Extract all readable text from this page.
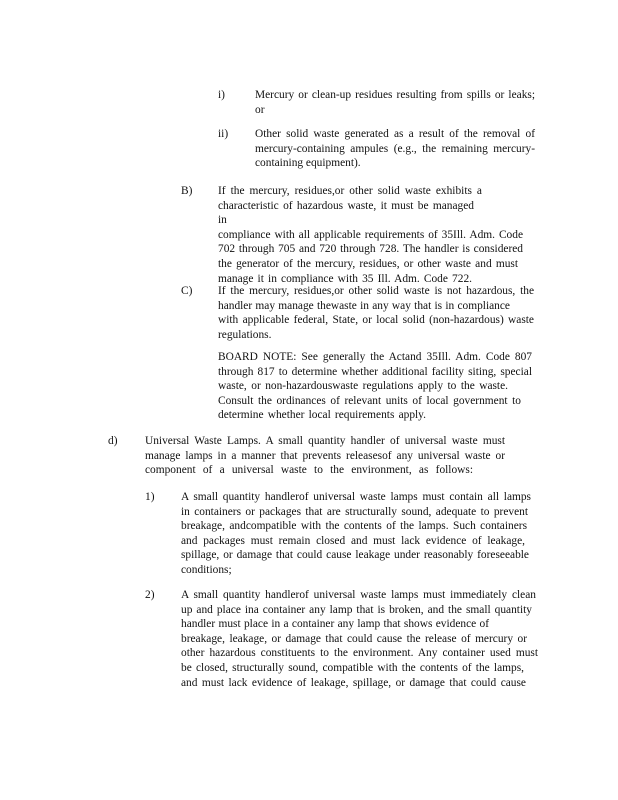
i)	Mercury or clean-up residues resulting from spills or leaks;
or

ii) Other solid waste generated as a result of the removal of
mercury-containing ampules (e.g., the remaining mercury-
containing equipment).

B) If the mercury, residues,or other solid waste exhibits a
characteristic of hazardous waste, it must be managed in
compliance with all applicable requirements of 35Ill. Adm. Code
702 through 705 and 720 through 728. The handler is considered
the generator of the mercury, residues, or other waste and must
manage it in compliance with 35 Ill. Adm. Code 722.

C) If the mercury, residues,or other solid waste is not hazardous, the
handler may manage thewaste in any way that is in compliance
with applicable federal, State, or local solid (non-hazardous) waste
regulations.
BOARD NOTE: See generally the Actand 35Ill. Adm. Code 807
through 817 to determine whether additional facility siting, special
waste, or non-hazardouswaste regulations apply to the waste.
Consult the ordinances of relevant units of local government to
determine whether local requirements apply.

d) Universal Waste Lamps. A small quantity handler of universal waste must
manage lamps in a manner that prevents releasesof any universal waste or
component of a universal waste to the environment, as follows:

1) A small quantity handlerof universal waste lamps must contain all lamps
in containers or packages that are structurally sound, adequate to prevent
breakage, andcompatible with the contents of the lamps. Such containers
and packages must remain closed and must lack evidence of leakage,
spillage, or damage that could cause leakage under reasonably foreseeable
conditions;

2) A small quantity handlerof universal waste lamps must immediately clean
up and place ina container any lamp that is broken, and the small quantity
handler must place in a container any lamp that shows evidence of
breakage, leakage, or damage that could cause the release of mercury or
other hazardous constituents to the environment. Any container used must
be closed, structurally sound, compatible with the contents of the lamps,
and must lack evidence of leakage, spillage, or damage that could cause
